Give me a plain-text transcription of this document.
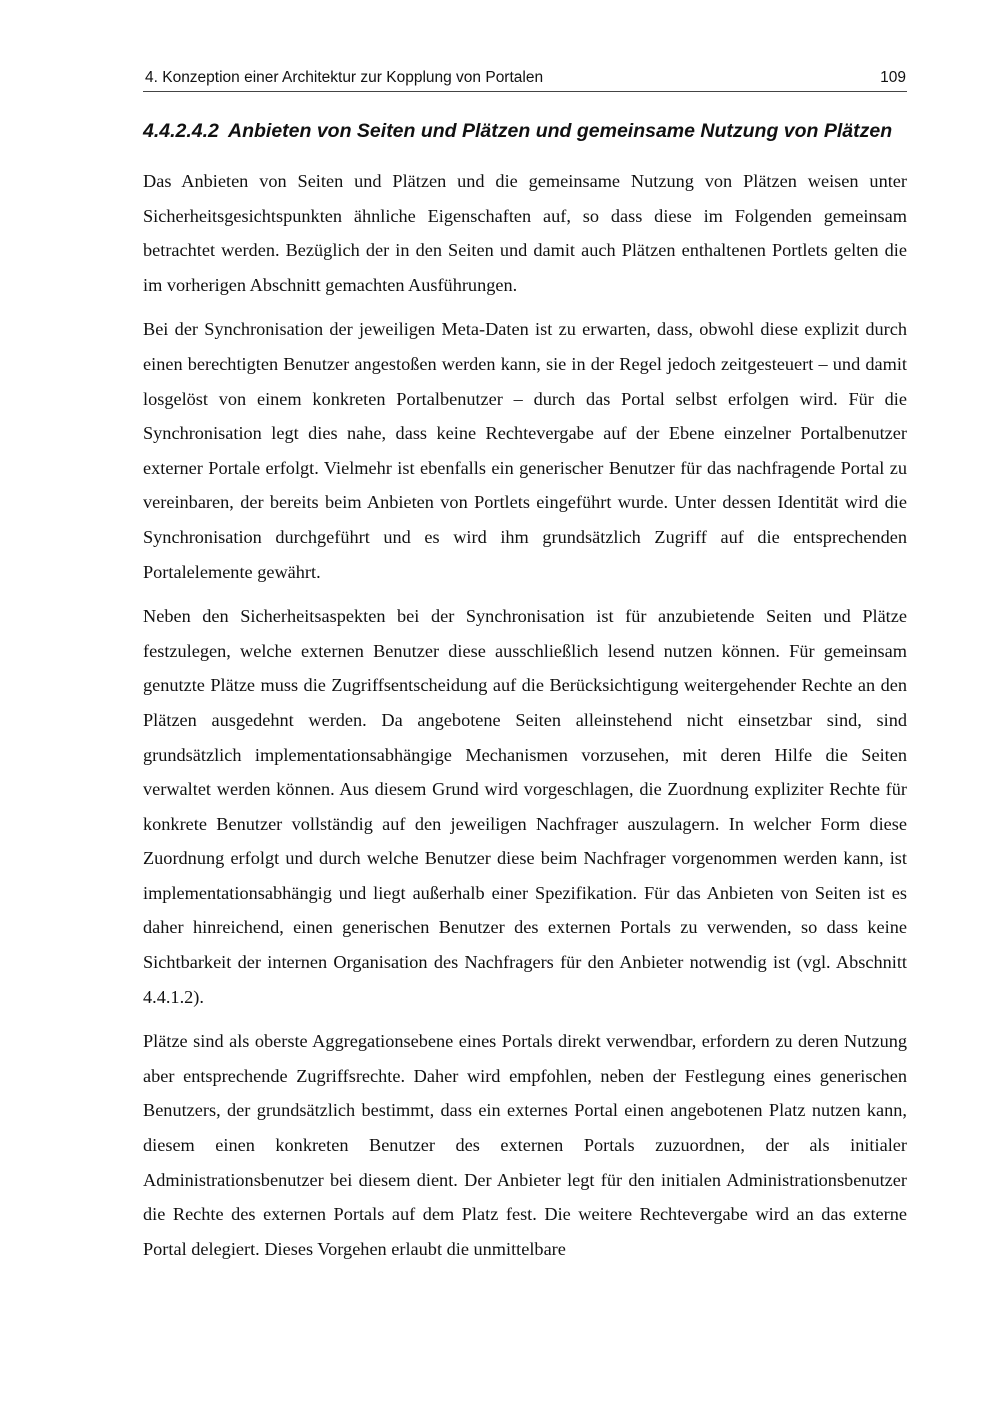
4. Konzeption einer Architektur zur Kopplung von Portalen	109
4.4.2.4.2 Anbieten von Seiten und Plätzen und gemeinsame Nutzung von Plätzen

Das Anbieten von Seiten und Plätzen und die gemeinsame Nutzung von Plätzen weisen unter Sicherheitsgesichtspunkten ähnliche Eigenschaften auf, so dass diese im Folgenden gemeinsam betrachtet werden. Bezüglich der in den Seiten und damit auch Plätzen enthaltenen Portlets gelten die im vorherigen Abschnitt gemachten Ausführungen.

Bei der Synchronisation der jeweiligen Meta-Daten ist zu erwarten, dass, obwohl diese explizit durch einen berechtigten Benutzer angestoßen werden kann, sie in der Regel jedoch zeitgesteuert – und damit losgelöst von einem konkreten Portalbenutzer – durch das Portal selbst erfolgen wird. Für die Synchronisation legt dies nahe, dass keine Rechtevergabe auf der Ebene einzelner Portalbenutzer externer Portale erfolgt. Vielmehr ist ebenfalls ein generischer Benutzer für das nachfragende Portal zu vereinbaren, der bereits beim Anbieten von Portlets eingeführt wurde. Unter dessen Identität wird die Synchronisation durchgeführt und es wird ihm grundsätzlich Zugriff auf die entsprechenden Portalelemente gewährt.

Neben den Sicherheitsaspekten bei der Synchronisation ist für anzubietende Seiten und Plätze festzulegen, welche externen Benutzer diese ausschließlich lesend nutzen können. Für gemeinsam genutzte Plätze muss die Zugriffsentscheidung auf die Berücksichtigung weitergehender Rechte an den Plätzen ausgedehnt werden. Da angebotene Seiten alleinstehend nicht einsetzbar sind, sind grundsätzlich implementationsabhängige Mechanismen vorzusehen, mit deren Hilfe die Seiten verwaltet werden können. Aus diesem Grund wird vorgeschlagen, die Zuordnung expliziter Rechte für konkrete Benutzer vollständig auf den jeweiligen Nachfrager auszulagern. In welcher Form diese Zuordnung erfolgt und durch welche Benutzer diese beim Nachfrager vorgenommen werden kann, ist implementationsabhängig und liegt außerhalb einer Spezifikation. Für das Anbieten von Seiten ist es daher hinreichend, einen generischen Benutzer des externen Portals zu verwenden, so dass keine Sichtbarkeit der internen Organisation des Nachfragers für den Anbieter notwendig ist (vgl. Abschnitt 4.4.1.2).

Plätze sind als oberste Aggregationsebene eines Portals direkt verwendbar, erfordern zu deren Nutzung aber entsprechende Zugriffsrechte. Daher wird empfohlen, neben der Festlegung eines generischen Benutzers, der grundsätzlich bestimmt, dass ein externes Portal einen angebotenen Platz nutzen kann, diesem einen konkreten Benutzer des externen Portals zuzuordnen, der als initialer Administrationsbenutzer bei diesem dient. Der Anbieter legt für den initialen Administrationsbenutzer die Rechte des externen Portals auf dem Platz fest. Die weitere Rechtevergabe wird an das externe Portal delegiert. Dieses Vorgehen erlaubt die unmittelbare
